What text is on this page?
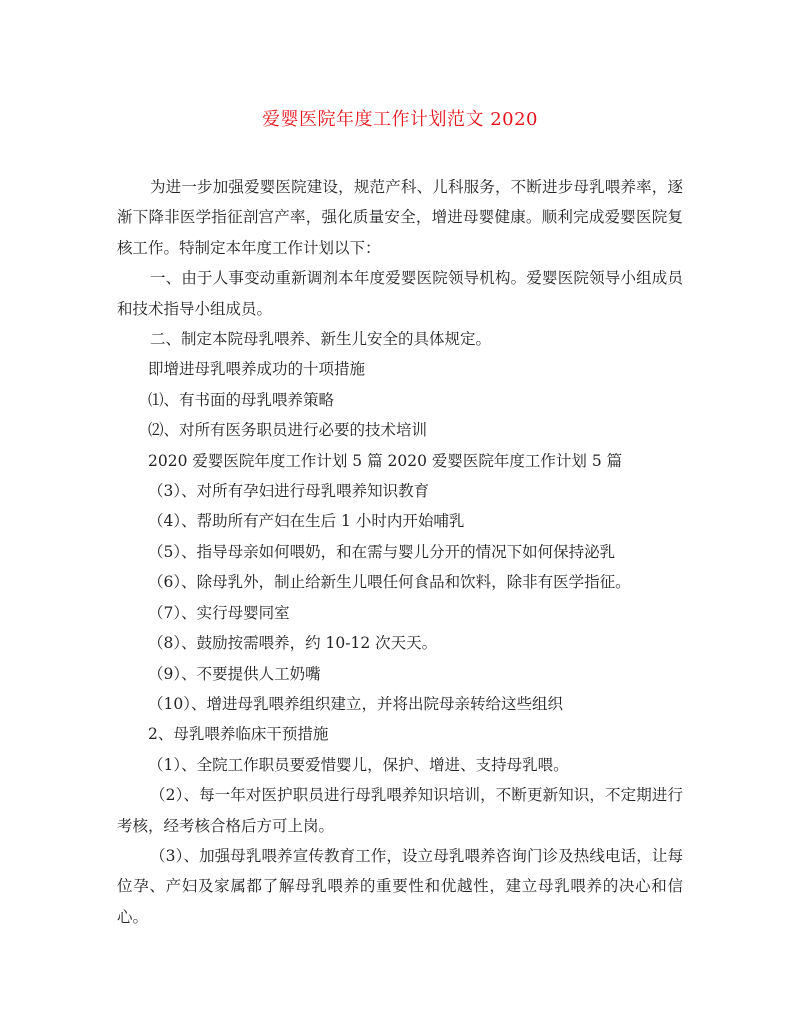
爱婴医院年度工作计划范文 2020

为进一步加强爱婴医院建设，规范产科、儿科服务，不断进步母乳喂养率，逐渐下降非医学指征剖宫产率，强化质量安全，增进母婴健康。顺利完成爱婴医院复核工作。特制定本年度工作计划以下：

一、由于人事变动重新调剂本年度爱婴医院领导机构。爱婴医院领导小组成员和技术指导小组成员。

二、制定本院母乳喂养、新生儿安全的具体规定。

即增进母乳喂养成功的十项措施

⑴、有书面的母乳喂养策略

⑵、对所有医务职员进行必要的技术培训

2020 爱婴医院年度工作计划 5 篇 2020 爱婴医院年度工作计划 5 篇

（3）、对所有孕妇进行母乳喂养知识教育

（4）、帮助所有产妇在生后 1 小时内开始哺乳

（5）、指导母亲如何喂奶，和在需与婴儿分开的情况下如何保持泌乳

（6）、除母乳外，制止给新生儿喂任何食品和饮料，除非有医学指征。

（7）、实行母婴同室

（8）、鼓励按需喂养，约 10-12 次天天。

（9）、不要提供人工奶嘴

（10）、增进母乳喂养组织建立，并将出院母亲转给这些组织

2、母乳喂养临床干预措施

（1）、全院工作职员要爱惜婴儿，保护、增进、支持母乳喂。

（2）、每一年对医护职员进行母乳喂养知识培训，不断更新知识，不定期进行考核，经考核合格后方可上岗。

（3）、加强母乳喂养宣传教育工作，设立母乳喂养咨询门诊及热线电话，让每位孕、产妇及家属都了解母乳喂养的重要性和优越性，建立母乳喂养的决心和信心。
